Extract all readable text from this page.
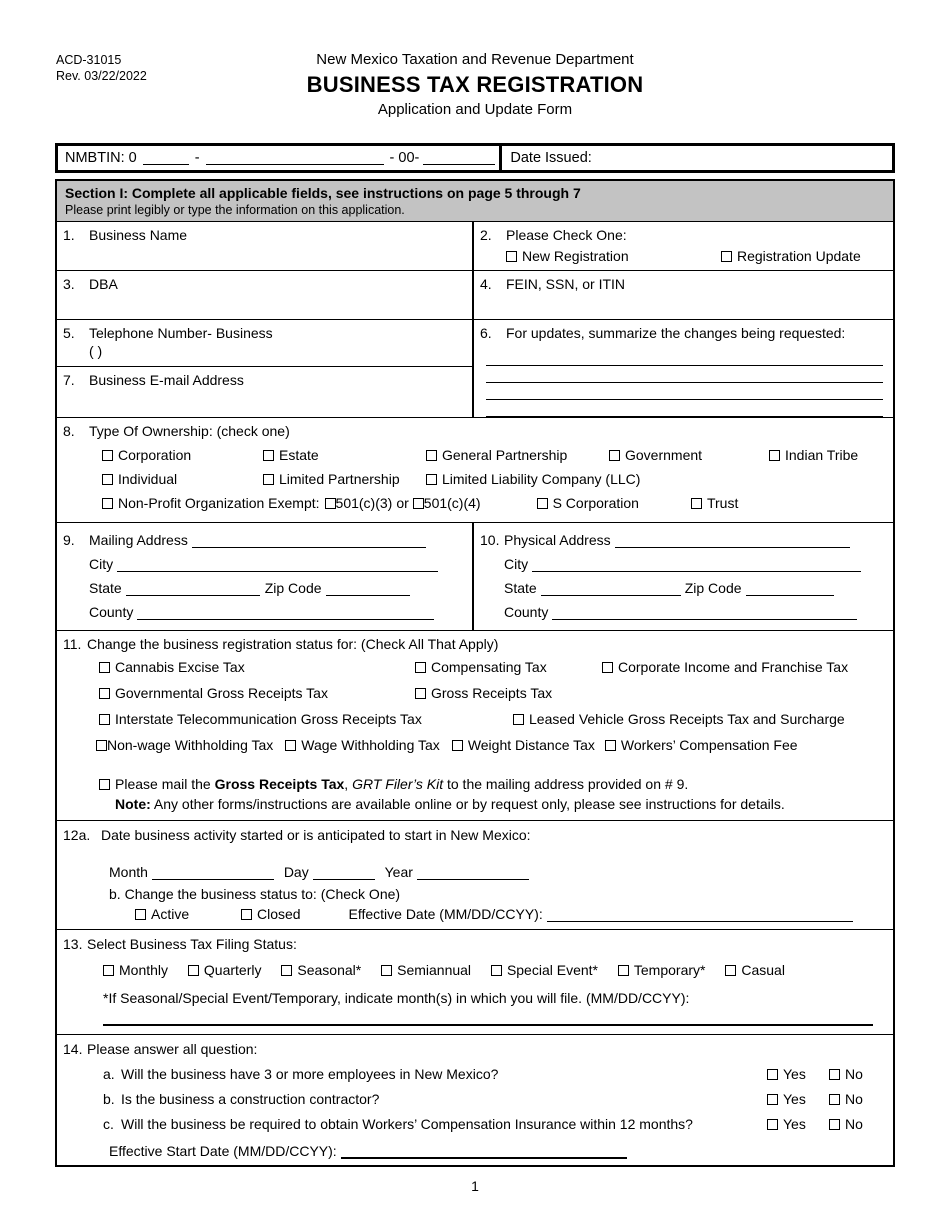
ACD-31015
Rev. 03/22/2022
New Mexico Taxation and Revenue Department
BUSINESS TAX REGISTRATION
Application and Update Form
NMBTIN: 0	-	- 00-	Date Issued:
Section I: Complete all applicable fields, see instructions on page 5 through 7
Please print legibly or type the information on this application.
1. Business Name	2. Please Check One:
New Registration	Registration Update
3. DBA	4. FEIN, SSN, or ITIN
5. Telephone Number- Business
( )
7. Business E-mail Address
6. For updates, summarize the changes being requested:
8. Type Of Ownership: (check one)
Corporation	Estate	General Partnership	Government	Indian Tribe
Individual	Limited Partnership	Limited Liability Company (LLC)
Non-Profit Organization Exempt:	501(c)(3) or	501(c)(4)	S Corporation	Trust
9. Mailing Address
City
State	Zip Code
County
10. Physical Address
City
State	Zip Code
County
11. Change the business registration status for: (Check All That Apply)
Cannabis Excise Tax	Compensating Tax	Corporate Income and Franchise Tax
Governmental Gross Receipts Tax	Gross Receipts Tax
Interstate Telecommunication Gross Receipts Tax	Leased Vehicle Gross Receipts Tax and Surcharge
Non-wage Withholding Tax Wage Withholding Tax Weight Distance Tax Workers’ Compensation Fee
Please mail the Gross Receipts Tax, GRT Filer’s Kit to the mailing address provided on # 9.
Note: Any other forms/instructions are available online or by request only, please see instructions for details.
12a. Date business activity started or is anticipated to start in New Mexico:
Month	Day	Year
b. Change the business status to: (Check One)
Active	Closed	Effective Date (MM/DD/CCYY):
13. Select Business Tax Filing Status:
Monthly	Quarterly	Seasonal*	Semiannual	Special Event*	Temporary*	Casual
*If Seasonal/Special Event/Temporary, indicate month(s) in which you will file. (MM/DD/CCYY):
14. Please answer all question:
a. Will the business have 3 or more employees in New Mexico?	Yes	No
b. Is the business a construction contractor?	Yes	No
c. Will the business be required to obtain Workers’ Compensation Insurance within 12 months?	Yes	No
Effective Start Date (MM/DD/CCYY):
1
